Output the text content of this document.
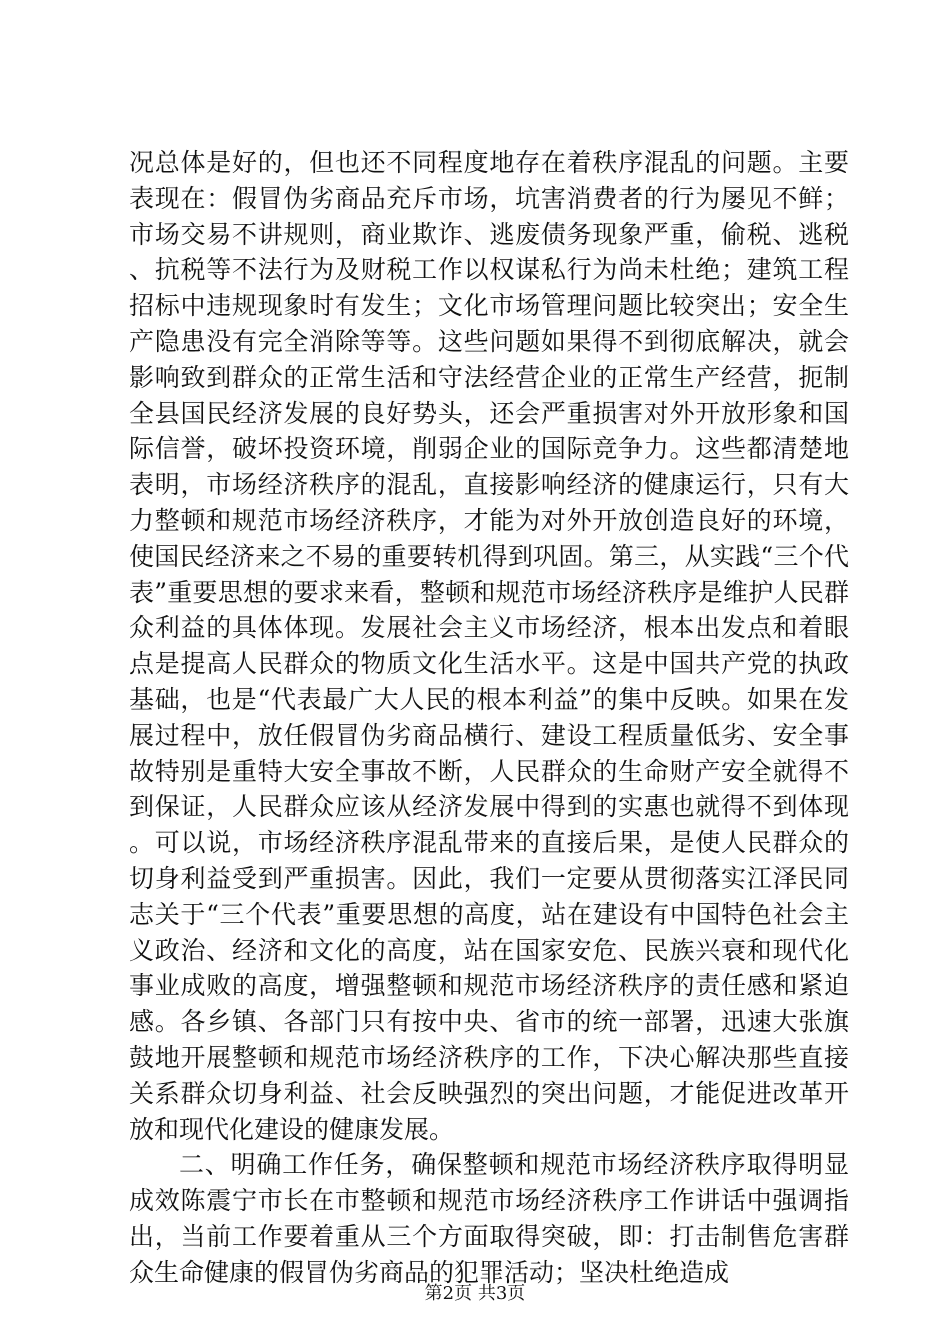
况总体是好的，但也还不同程度地存在着秩序混乱的问题。主要表现在：假冒伪劣商品充斥市场，坑害消费者的行为屡见不鲜；市场交易不讲规则，商业欺诈、逃废债务现象严重，偷税、逃税、抗税等不法行为及财税工作以权谋私行为尚未杜绝；建筑工程招标中违规现象时有发生；文化市场管理问题比较突出；安全生产隐患没有完全消除等等。这些问题如果得不到彻底解决，就会影响致到群众的正常生活和守法经营企业的正常生产经营，扼制全县国民经济发展的良好势头，还会严重损害对外开放形象和国际信誉，破坏投资环境，削弱企业的国际竞争力。这些都清楚地表明，市场经济秩序的混乱，直接影响经济的健康运行，只有大力整顿和规范市场经济秩序，才能为对外开放创造良好的环境，使国民经济来之不易的重要转机得到巩固。第三，从实践“三个代表”重要思想的要求来看，整顿和规范市场经济秩序是维护人民群众利益的具体体现。发展社会主义市场经济，根本出发点和着眼点是提高人民群众的物质文化生活水平。这是中国共产党的执政基础，也是“代表最广大人民的根本利益”的集中反映。如果在发展过程中，放任假冒伪劣商品横行、建设工程质量低劣、安全事故特别是重特大安全事故不断，人民群众的生命财产安全就得不到保证，人民群众应该从经济发展中得到的实惠也就得不到体现。可以说，市场经济秩序混乱带来的直接后果，是使人民群众的切身利益受到严重损害。因此，我们一定要从贯彻落实江泽民同志关于“三个代表”重要思想的高度，站在建设有中国特色社会主义政治、经济和文化的高度，站在国家安危、民族兴衰和现代化事业成败的高度，增强整顿和规范市场经济秩序的责任感和紧迫感。各乡镇、各部门只有按中央、省市的统一部署，迅速大张旗鼓地开展整顿和规范市场经济秩序的工作，下决心解决那些直接关系群众切身利益、社会反映强烈的突出问题，才能促进改革开放和现代化建设的健康发展。

二、明确工作任务，确保整顿和规范市场经济秩序取得明显成效陈震宁市长在市整顿和规范市场经济秩序工作讲话中强调指出，当前工作要着重从三个方面取得突破，即：打击制售危害群众生命健康的假冒伪劣商品的犯罪活动；坚决杜绝造成

第2页 共3页
